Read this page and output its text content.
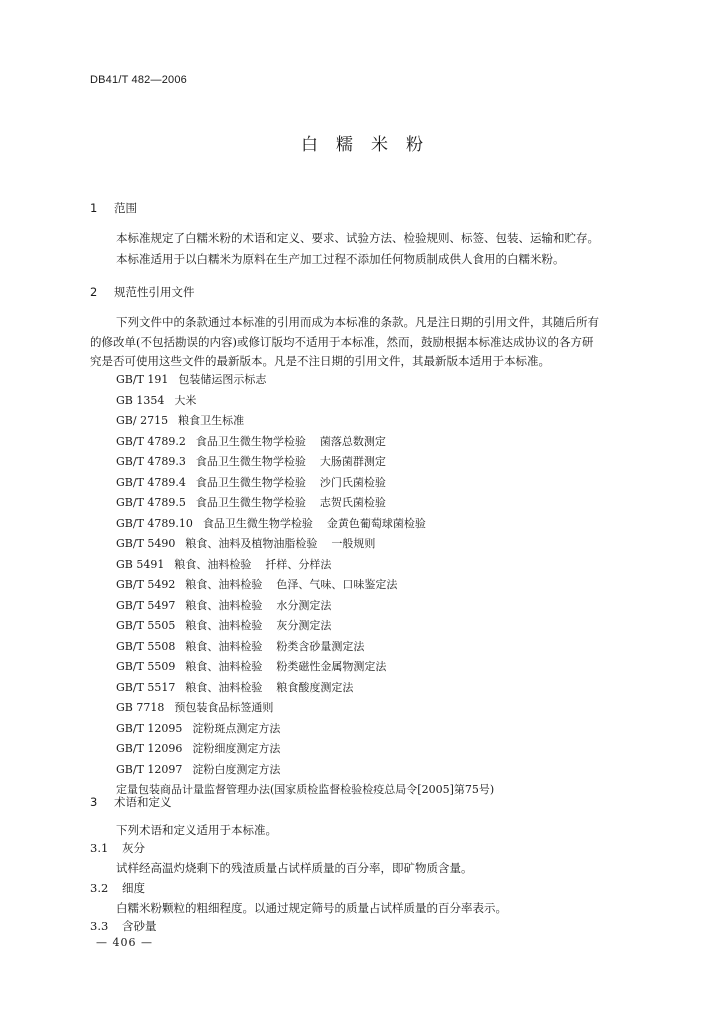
DB41/T 482—2006
白糯米粉
1 范围
本标准规定了白糯米粉的术语和定义、要求、试验方法、检验规则、标签、包装、运输和贮存。
本标准适用于以白糯米为原料在生产加工过程不添加任何物质制成供人食用的白糯米粉。
2 规范性引用文件
下列文件中的条款通过本标准的引用而成为本标准的条款。凡是注日期的引用文件，其随后所有
的修改单(不包括勘误的内容)或修订版均不适用于本标准，然而，鼓励根据本标准达成协议的各方研
究是否可使用这些文件的最新版本。凡是不注日期的引用文件，其最新版本适用于本标准。
GB/T 191 包装储运图示标志
GB 1354 大米
GB/ 2715 粮食卫生标准
GB/T 4789.2 食品卫生微生物学检验 菌落总数测定
GB/T 4789.3 食品卫生微生物学检验 大肠菌群测定
GB/T 4789.4 食品卫生微生物学检验 沙门氏菌检验
GB/T 4789.5 食品卫生微生物学检验 志贺氏菌检验
GB/T 4789.10 食品卫生微生物学检验 金黄色葡萄球菌检验
GB/T 5490 粮食、油料及植物油脂检验 一般规则
GB 5491 粮食、油料检验 扦样、分样法
GB/T 5492 粮食、油料检验 色泽、气味、口味鉴定法
GB/T 5497 粮食、油料检验 水分测定法
GB/T 5505 粮食、油料检验 灰分测定法
GB/T 5508 粮食、油料检验 粉类含砂量测定法
GB/T 5509 粮食、油料检验 粉类磁性金属物测定法
GB/T 5517 粮食、油料检验 粮食酸度测定法
GB 7718 预包装食品标签通则
GB/T 12095 淀粉斑点测定方法
GB/T 12096 淀粉细度测定方法
GB/T 12097 淀粉白度测定方法
定量包装商品计量监督管理办法(国家质检监督检验检疫总局令[2005]第75号)
3 术语和定义
下列术语和定义适用于本标准。
3.1 灰分
试样经高温灼烧剩下的残渣质量占试样质量的百分率，即矿物质含量。
3.2 细度
白糯米粉颗粒的粗细程度。以通过规定筛号的质量占试样质量的百分率表示。
3.3 含砂量
— 406 —
